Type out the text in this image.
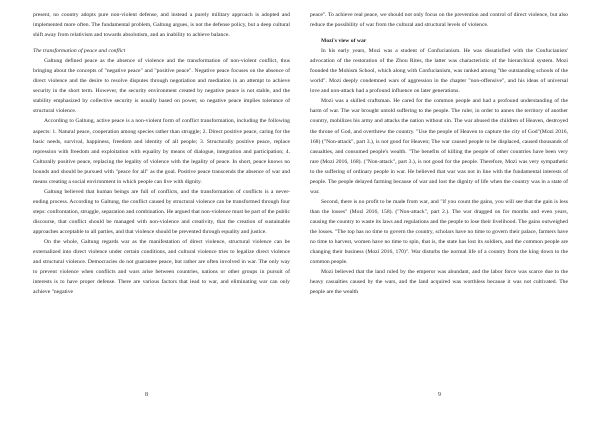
present, no country adopts pure non-violent defense, and instead a purely military approach is adopted and implemented more often. The fundamental problem, Galtung argues, is not the defense policy, but a deep cultural shift away from relativism and towards absolutism, and an inability to achieve balance.

The transformation of peace and conflict

Galtung defined peace as the absence of violence and the transformation of non-violent conflict, thus bringing about the concepts of "negative peace" and "positive peace". Negative peace focuses on the absence of direct violence and the desire to resolve disputes through negotiation and mediation in an attempt to achieve security in the short term. However, the security environment created by negative peace is not stable, and the stability emphasized by collective security is usually based on power, so negative peace implies tolerance of structural violence.

According to Galtung, active peace is a non-violent form of conflict transformation, including the following aspects: 1. Natural peace, cooperation among species rather than struggle; 2. Direct positive peace, caring for the basic needs, survival, happiness, freedom and identity of all people; 3. Structurally positive peace, replace repression with freedom and exploitation with equality by means of dialogue, integration and participation; 4. Culturally positive peace, replacing the legality of violence with the legality of peace. In short, peace knows no bounds and should be pursued with "peace for all" as the goal. Positive peace transcends the absence of war and means creating a social environment in which people can live with dignity.

Galtung believed that human beings are full of conflicts, and the transformation of conflicts is a never-ending process. According to Galtung, the conflict caused by structural violence can be transformed through four steps: confrontation, struggle, separation and combination. He argued that non-violence must be part of the public discourse, that conflict should be managed with non-violence and creativity, that the creation of sustainable approaches acceptable to all parties, and that violence should be prevented through equality and justice.

On the whole, Galtung regards war as the manifestation of direct violence, structural violence can be externalized into direct violence under certain conditions, and cultural violence tries to legalize direct violence and structural violence. Democracies do not guarantee peace, but rather are often involved in war. The only way to prevent violence when conflicts and wars arise between countries, nations or other groups in pursuit of interests is to have proper defense. There are various factors that lead to war, and eliminating war can only achieve "negative

8

peace". To achieve real peace, we should not only focus on the prevention and control of direct violence, but also reduce the possibility of war from the cultural and structural levels of violence.

Mozi's view of war

In his early years, Mozi was a student of Confucianism. He was dissatisfied with the Confucianists' advocation of the restoration of the Zhou Rites, the latter was characteristic of the hierarchical system. Mozi founded the Mohism School, which along with Confucianism, was ranked among "the outstanding schools of the world". Mozi deeply condemned wars of aggression in the chapter "non-offensive", and his ideas of universal love and non-attack had a profound influence on later generations.

Mozi was a skilled craftsman. He cared for the common people and had a profound understanding of the harm of war. The war brought untold suffering to the people. The ruler, in order to annex the territory of another country, mobilizes his army and attacks the nation without sin. The war abused the children of Heaven, destroyed the throne of God, and overthrew the country. "Use the people of Heaven to capture the city of God"(Mozi 2016, 168) ("Non-attack", part 3.), is not good for Heaven; The war caused people to be displaced, caused thousands of casualties, and consumed people's wealth. "The benefits of killing the people of other countries have been very rare (Mozi 2016, 168). ("Non-attack", part 3.), is not good for the people. Therefore, Mozi was very sympathetic to the suffering of ordinary people in war. He believed that war was not in line with the fundamental interests of people. The people delayed farming because of war and lost the dignity of life when the country was in a state of war.

Second, there is no profit to be made from war, and "if you count the gains, you will see that the gain is less than the losses" (Mozi 2016, 158). ("Non-attack", part 2.). The war dragged on for months and even years, causing the country to waste its laws and regulations and the people to lose their livelihood. The gains outweighed the losses. "The top has no time to govern the country, scholars have no time to govern their palace, farmers have no time to harvest, women have no time to spin, that is, the state has lost its soldiers, and the common people are changing their business (Mozi 2016, 170)". War disturbs the normal life of a country from the king down to the common people.

Mozi believed that the land ruled by the emperor was abundant, and the labor force was scarce due to the heavy casualties caused by the wars, and the land acquired was worthless because it was not cultivated. The people are the wealth

9
